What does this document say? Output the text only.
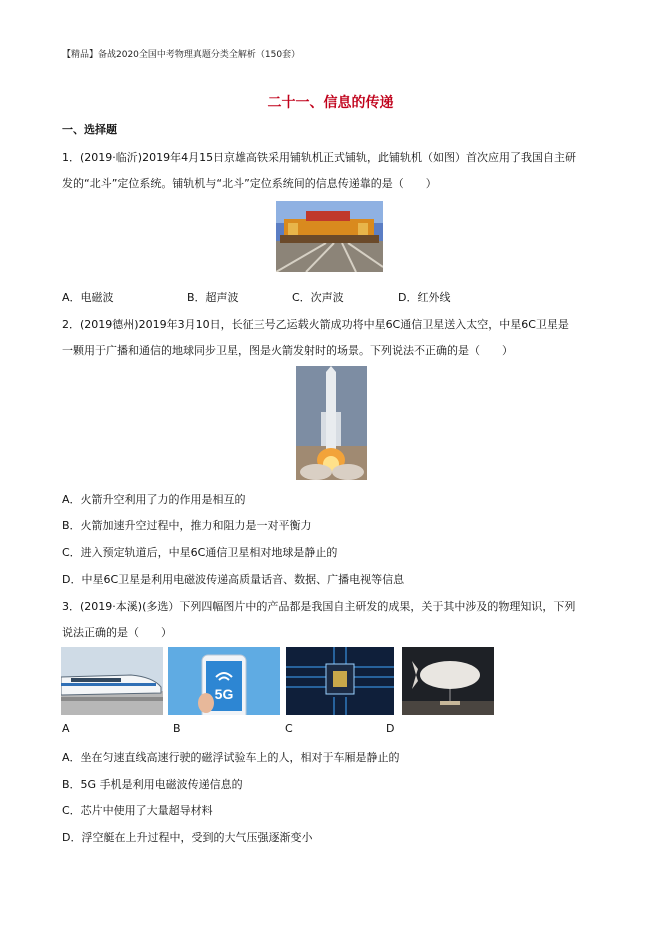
【精品】备战2020全国中考物理真题分类全解析（150套）
二十一、信息的传递
一、选择题
1．(2019·临沂)2019年4月15日京雄高铁采用铺轨机正式铺轨，此铺轨机（如图）首次应用了我国自主研
发的“北斗”定位系统。铺轨机与“北斗”定位系统间的信息传递靠的是（　　）
A．电磁波	B．超声波	C．次声波	D．红外线
2．(2019德州)2019年3月10日，长征三号乙运载火箭成功将中星6C通信卫星送入太空，中星6C卫星是
一颗用于广播和通信的地球同步卫星，图是火箭发射时的场景。下列说法不正确的是（　　）
A．火箭升空利用了力的作用是相互的
B．火箭加速升空过程中，推力和阻力是一对平衡力
C．进入预定轨道后，中星6C通信卫星相对地球是静止的
D．中星6C卫星是利用电磁波传递高质量话音、数据、广播电视等信息
3．(2019·本溪)(多选）下列四幅图片中的产品都是我国自主研发的成果，关于其中涉及的物理知识，下列
说法正确的是（　　）
5G
A	B	C	D
A．坐在匀速直线高速行驶的磁浮试验车上的人，相对于车厢是静止的
B．5G 手机是利用电磁波传递信息的
C．芯片中使用了大量超导材料
D．浮空艇在上升过程中，受到的大气压强逐渐变小
